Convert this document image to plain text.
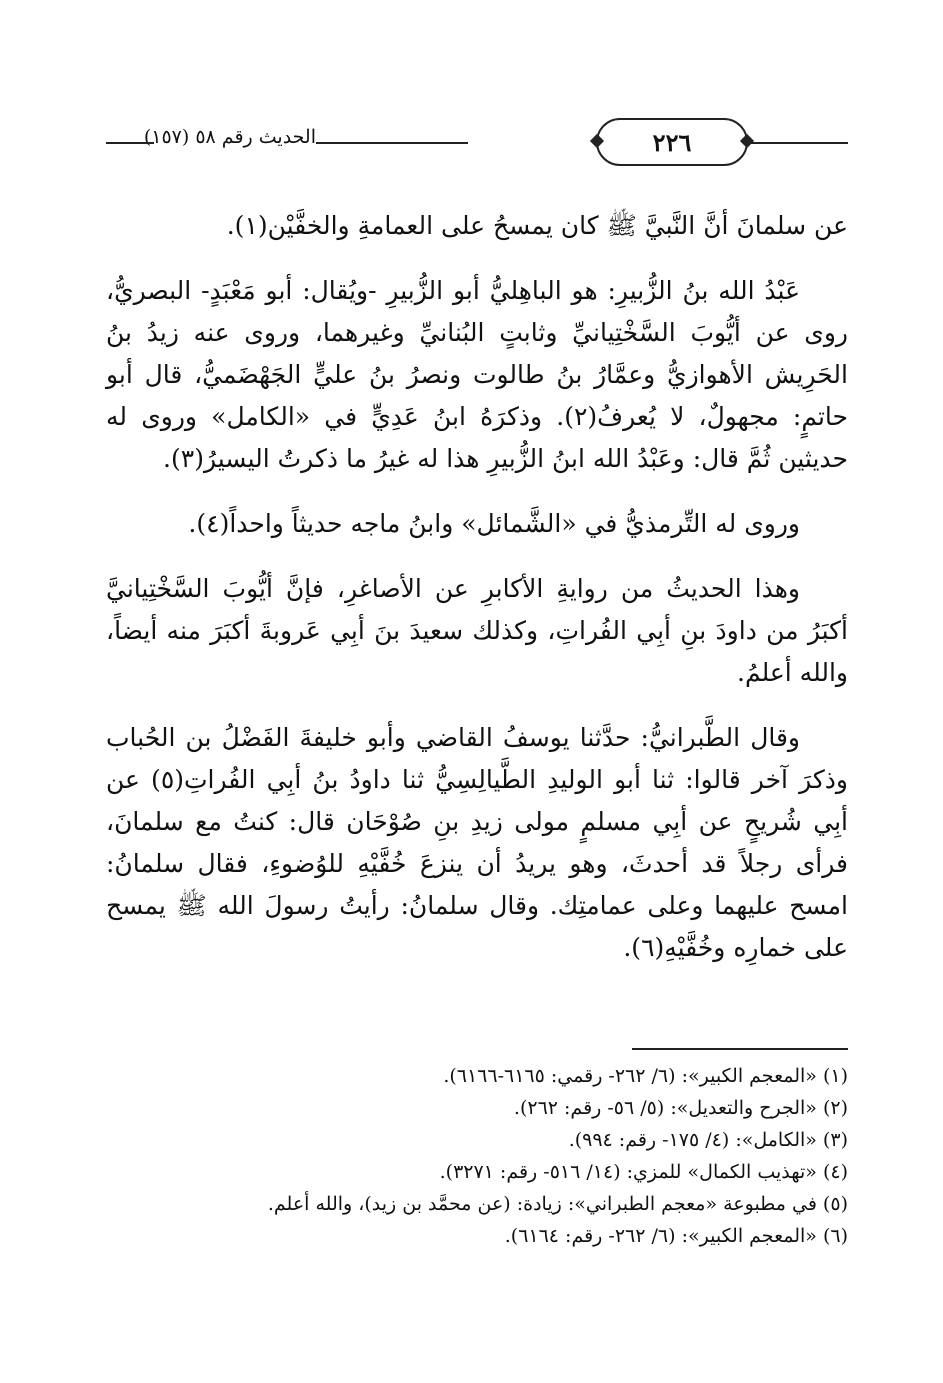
٢٢٦
الحديث رقم ٥٨ (١٥٧)

عن سلمانَ أنَّ النَّبيَّ ﷺ كان يمسحُ على العمامةِ والخفَّيْن(١).

عَبْدُ الله بنُ الزُّبيرِ: هو الباهِليُّ أبو الزُّبيرِ -ويُقال: أبو مَعْبَدٍ- البصريُّ، روى عن أيُّوبَ السَّخْتِيانيِّ وثابتٍ البُنانيِّ وغيرهما، وروى عنه زيدُ بنُ الحَرِيش الأهوازيُّ وعمَّارُ بنُ طالوت ونصرُ بنُ عليٍّ الجَهْضَميُّ، قال أبو حاتمٍ: مجهولٌ، لا يُعرفُ(٢). وذكرَهُ ابنُ عَدِيٍّ في «الكامل» وروى له حديثين ثُمَّ قال: وعَبْدُ الله ابنُ الزُّبيرِ هذا له غيرُ ما ذكرتُ اليسيرُ(٣).

وروى له التِّرمذيُّ في «الشَّمائل» وابنُ ماجه حديثاً واحداً(٤).

وهذا الحديثُ من روايةِ الأكابرِ عن الأصاغرِ، فإنَّ أيُّوبَ السَّخْتِيانيَّ أكبَرُ من داودَ بنِ أبِي الفُراتِ، وكذلك سعيدَ بنَ أبِي عَروبةَ أكبَرَ منه أيضاً، والله أعلمُ.

وقال الطَّبرانيُّ: حدَّثنا يوسفُ القاضي وأبو خليفةَ الفَضْلُ بن الحُباب وذكرَ آخر قالوا: ثنا أبو الوليدِ الطَّيالِسِيُّ ثنا داودُ بنُ أبِي الفُراتِ(٥) عن أبِي شُريحٍ عن أبِي مسلمٍ مولى زيدِ بنِ صُوْحَان قال: كنتُ مع سلمانَ، فرأى رجلاً قد أحدثَ، وهو يريدُ أن ينزعَ خُفَّيْهِ للوُضوءِ، فقال سلمانُ: امسح عليهما وعلى عمامتِك. وقال سلمانُ: رأيتُ رسولَ الله ﷺ يمسح على خمارِه وخُفَّيْهِ(٦).

(١) «المعجم الكبير»: (٦/ ٢٦٢- رقمي: ٦١٦٥-٦١٦٦).
(٢) «الجرح والتعديل»: (٥/ ٥٦- رقم: ٢٦٢).
(٣) «الكامل»: (٤/ ١٧٥- رقم: ٩٩٤).
(٤) «تهذيب الكمال» للمزي: (١٤/ ٥١٦- رقم: ٣٢٧١).
(٥) في مطبوعة «معجم الطبراني»: زيادة: (عن محمَّد بن زيد)، والله أعلم.
(٦) «المعجم الكبير»: (٦/ ٢٦٢- رقم: ٦١٦٤).
